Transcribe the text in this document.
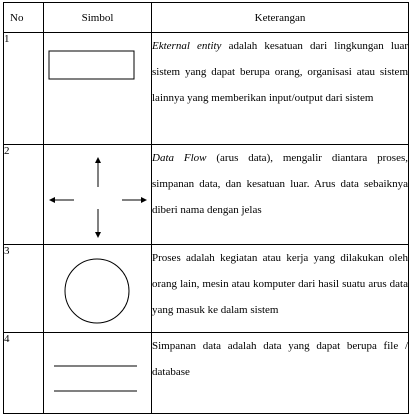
No	Simbol	Keterangan
1		Ekternal entity adalah kesatuan dari lingkungan luar sistem yang dapat berupa orang, organisasi atau sistem lainnya yang memberikan input/output dari sistem
2		Data Flow (arus data), mengalir diantara proses, simpanan data, dan kesatuan luar. Arus data sebaiknya diberi nama dengan jelas
3		Proses adalah kegiatan atau kerja yang dilakukan oleh orang lain, mesin atau komputer dari hasil suatu arus data yang masuk ke dalam sistem
4		Simpanan data adalah data yang dapat berupa file / database
